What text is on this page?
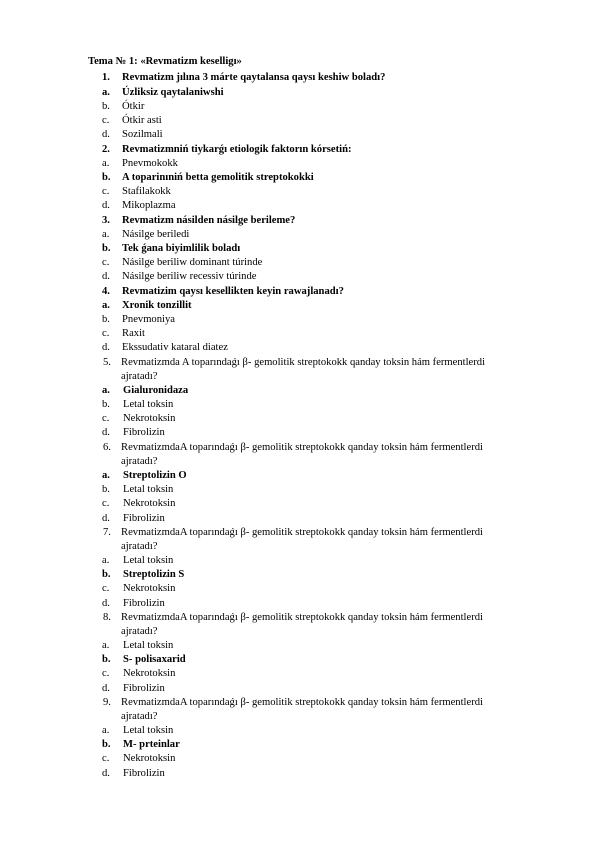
Tema № 1: «Revmatizm keselligı»
1. Revmatizm jılına 3 márte qaytalansa qaysı keshiw boladı?
a. Úzliksiz qaytalaniwshi
b. Ótkir
c. Ótkir asti
d. Sozilmali
2. Revmatizmniń tiykarǵı etiologik faktorın kórsetiń:
a. Pnevmokokk
b. A toparinıniń betta gemolitik streptokokki
c. Stafilakokk
d. Mikoplazma
3. Revmatizm násilden násilge berileme?
a. Násilge beriledi
b. Tek ǵana biyimlilik boladı
c. Násilge beriliw dominant túrinde
d. Násilge beriliw recessiv túrinde
4. Revmatizim qaysı kesellikten keyin rawajlanadı?
a. Xronik tonzillit
b. Pnevmoniya
c. Raxit
d. Ekssudativ kataral diatez
5. Revmatizmda A toparındaǵı β- gemolitik streptokokk qanday toksin hám fermentlerdi
ajratadı?
a. Gialuronidaza
b. Letal toksin
c. Nekrotoksin
d. Fibrolizin
6. RevmatizmdaA toparındaǵı β- gemolitik streptokokk qanday toksin hám fermentlerdi
ajratadı?
a. Streptolizin O
b. Letal toksin
c. Nekrotoksin
d. Fibrolizin
7. RevmatizmdaA toparındaǵı β- gemolitik streptokokk qanday toksin hám fermentlerdi
ajratadı?
a. Letal toksin
b. Streptolizin S
c. Nekrotoksin
d. Fibrolizin
8. RevmatizmdaA toparındaǵı β- gemolitik streptokokk qanday toksin hám fermentlerdi
ajratadı?
a. Letal toksin
b. S- polisaxarid
c. Nekrotoksin
d. Fibrolizin
9. RevmatizmdaA toparındaǵı β- gemolitik streptokokk qanday toksin hám fermentlerdi
ajratadı?
a. Letal toksin
b. M- prteinlar
c. Nekrotoksin
d. Fibrolizin
